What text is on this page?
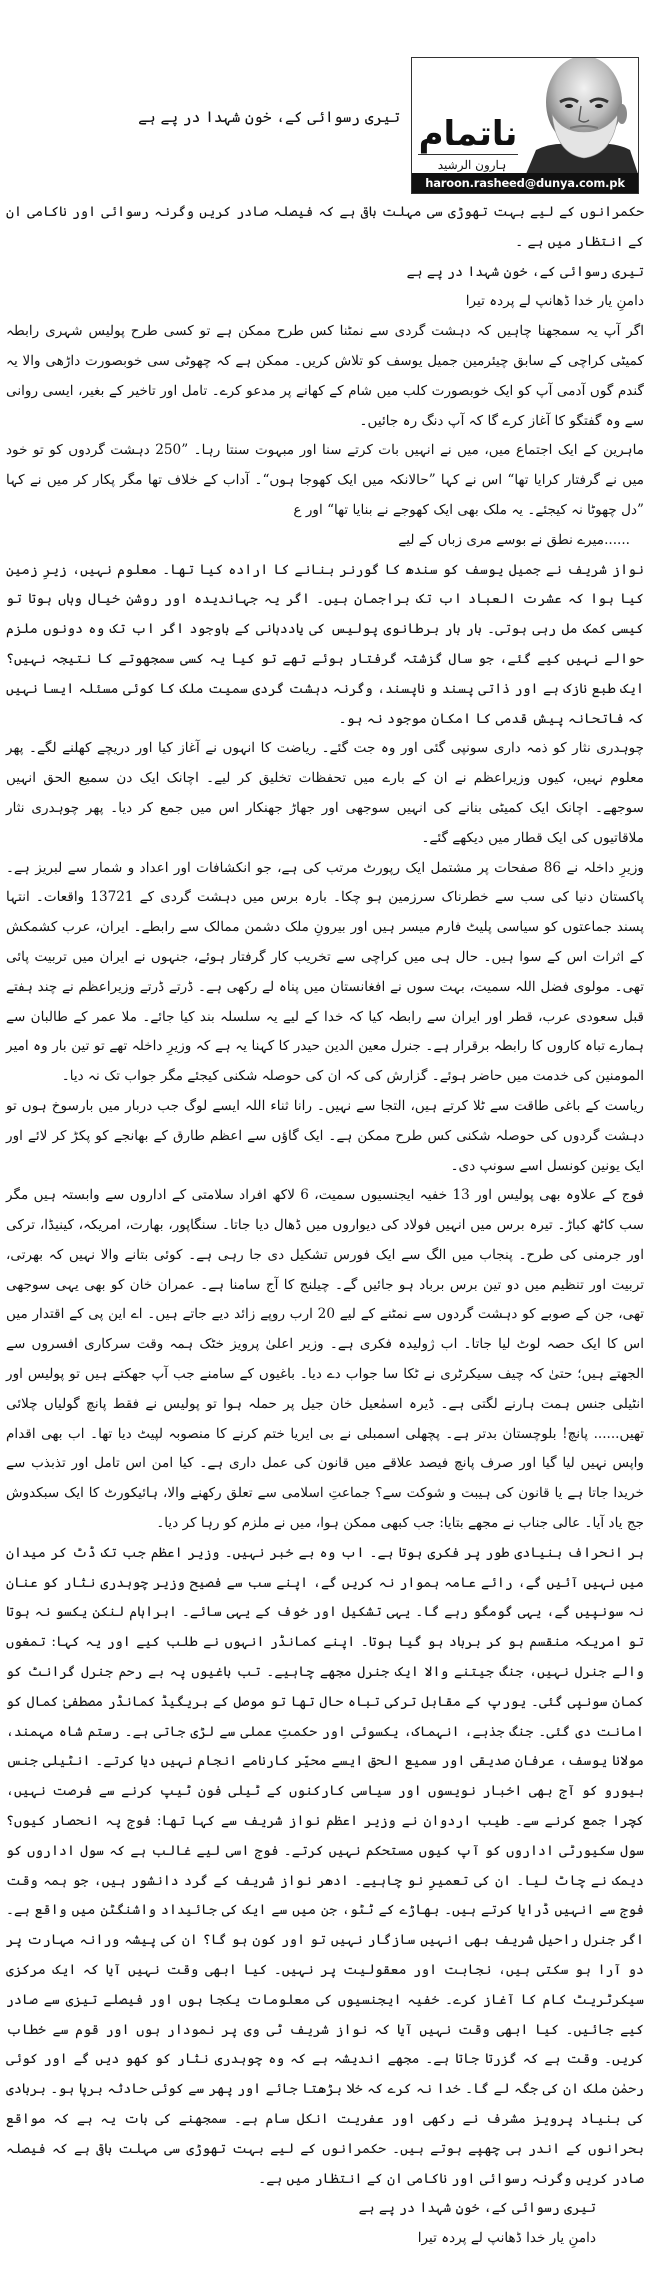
تیری رسوائی کے، خونِ شہدا در پے ہے ناتمام
ہارون الرشید
haroon.rasheed@dunya.com.pk

حکمرانوں کے لیے بہت تھوڑی سی مہلت باقی ہے کہ فیصلہ صادر کریں وگرنہ رسوائی اور ناکامی ان کے انتظار میں ہے ۔

تیری رسوائی کے، خونِ شہدا در پے ہے

دامنِ یار خدا ڈھانپ لے پردہ تیرا

اگر آپ یہ سمجھنا چاہیں کہ دہشت گردی سے نمٹنا کس طرح ممکن ہے تو کسی طرح پولیس شہری رابطہ کمیٹی کراچی کے سابق چیئرمین جمیل یوسف کو تلاش کریں۔ ممکن ہے کہ چھوٹی سی خوبصورت داڑھی والا یہ گندم گوں آدمی آپ کو ایک خوبصورت کلب میں شام کے کھانے پر مدعو کرے۔ تامل اور تاخیر کے بغیر، ایسی روانی سے وہ گفتگو کا آغاز کرے گا کہ آپ دنگ رہ جائیں۔

ماہرین کے ایک اجتماع میں، میں نے انہیں بات کرتے سنا اور مبہوت سنتا رہا۔ ”250 دہشت گردوں کو تو خود میں نے گرفتار کرایا تھا“ اس نے کہا ”حالانکہ میں ایک کھوجا ہوں“۔ آداب کے خلاف تھا مگر پکار کر میں نے کہا ”دل چھوٹا نہ کیجئے۔ یہ ملک بھی ایک کھوجے نے بنایا تھا“ اور ع

......میرے نطق نے بوسے مری زباں کے لیے

نواز شریف نے جمیل یوسف کو سندھ کا گورنر بنانے کا ارادہ کیا تھا۔ معلوم نہیں، زیرِ زمین کیا ہوا کہ عشرت العباد اب تک براجمان ہیں۔ اگر یہ جہاندیدہ اور روشن خیال وہاں ہوتا تو کیسی کمک مل رہی ہوتی۔ بار بار برطانوی پولیس کی یاددہانی کے باوجود اگر اب تک وہ دونوں ملزم حوالے نہیں کیے گئے، جو سال گزشتہ گرفتار ہوئے تھے تو کیا یہ کسی سمجھوتے کا نتیجہ نہیں؟ ایک طبع نازک ہے اور ذاتی پسند و ناپسند، وگرنہ دہشت گردی سمیت ملک کا کوئی مسئلہ ایسا نہیں کہ فاتحانہ پیش قدمی کا امکان موجود نہ ہو۔

چوہدری نثار کو ذمہ داری سونپی گئی اور وہ جت گئے۔ ریاضت کا انہوں نے آغاز کیا اور دریچے کھلنے لگے۔ پھر معلوم نہیں، کیوں وزیراعظم نے ان کے بارے میں تحفظات تخلیق کر لیے۔ اچانک ایک دن سمیع الحق انہیں سوجھے۔ اچانک ایک کمیٹی بنانے کی انہیں سوجھی اور جھاڑ جھنکار اس میں جمع کر دیا۔ پھر چوہدری نثار ملاقاتیوں کی ایک قطار میں دیکھے گئے۔

وزیرِ داخلہ نے 86 صفحات پر مشتمل ایک رپورٹ مرتب کی ہے، جو انکشافات اور اعداد و شمار سے لبریز ہے۔ پاکستان دنیا کی سب سے خطرناک سرزمین ہو چکا۔ بارہ برس میں دہشت گردی کے 13721 واقعات۔ انتہا پسند جماعتوں کو سیاسی پلیٹ فارم میسر ہیں اور بیرونِ ملک دشمن ممالک سے رابطے۔ ایران، عرب کشمکش کے اثرات اس کے سوا ہیں۔ حال ہی میں کراچی سے تخریب کار گرفتار ہوئے، جنہوں نے ایران میں تربیت پائی تھی۔ مولوی فضل اللہ سمیت، بہت سوں نے افغانستان میں پناہ لے رکھی ہے۔ ڈرتے ڈرتے وزیراعظم نے چند ہفتے قبل سعودی عرب، قطر اور ایران سے رابطہ کیا کہ خدا کے لیے یہ سلسلہ بند کیا جائے۔ ملا عمر کے طالبان سے ہمارے تباہ کاروں کا رابطہ برقرار ہے۔ جنرل معین الدین حیدر کا کہنا یہ ہے کہ وزیرِ داخلہ تھے تو تین بار وہ امیر المومنین کی خدمت میں حاضر ہوئے۔ گزارش کی کہ ان کی حوصلہ شکنی کیجئے مگر جواب تک نہ دیا۔

ریاست کے باغی طاقت سے ٹلا کرتے ہیں، التجا سے نہیں۔ رانا ثناء اللہ ایسے لوگ جب دربار میں بارسوخ ہوں تو دہشت گردوں کی حوصلہ شکنی کس طرح ممکن ہے۔ ایک گاؤں سے اعظم طارق کے بھانجے کو پکڑ کر لائے اور ایک یونین کونسل اسے سونپ دی۔

فوج کے علاوہ بھی پولیس اور 13 خفیہ ایجنسیوں سمیت، 6 لاکھ افراد سلامتی کے اداروں سے وابستہ ہیں مگر سب کاٹھ کباڑ۔ تیرہ برس میں انہیں فولاد کی دیواروں میں ڈھال دیا جاتا۔ سنگاپور، بھارت، امریکہ، کینیڈا، ترکی اور جرمنی کی طرح۔ پنجاب میں الگ سے ایک فورس تشکیل دی جا رہی ہے۔ کوئی بتانے والا نہیں کہ بھرتی، تربیت اور تنظیم میں دو تین برس برباد ہو جائیں گے۔ چیلنج کا آج سامنا ہے۔ عمران خان کو بھی یہی سوجھی تھی، جن کے صوبے کو دہشت گردوں سے نمٹنے کے لیے 20 ارب روپے زائد دیے جاتے ہیں۔ اے این پی کے اقتدار میں اس کا ایک حصہ لوٹ لیا جاتا۔ اب ژولیدہ فکری ہے۔ وزیر اعلیٰ پرویز خٹک ہمہ وقت سرکاری افسروں سے الجھتے ہیں؛ حتیٰ کہ چیف سیکرٹری نے ٹکا سا جواب دے دیا۔ باغیوں کے سامنے جب آپ جھکتے ہیں تو پولیس اور انٹیلی جنس ہمت ہارنے لگتی ہے۔ ڈیرہ اسمٰعیل خان جیل پر حملہ ہوا تو پولیس نے فقط پانچ گولیاں چلائی تھیں...... پانچ! بلوچستان بدتر ہے۔ پچھلی اسمبلی نے بی ایریا ختم کرنے کا منصوبہ لپیٹ دیا تھا۔ اب بھی اقدام واپس نہیں لیا گیا اور صرف پانچ فیصد علاقے میں قانون کی عمل داری ہے۔ کیا امن اس تامل اور تذبذب سے خریدا جاتا ہے یا قانون کی ہیبت و شوکت سے؟ جماعتِ اسلامی سے تعلق رکھنے والا، ہائیکورٹ کا ایک سبکدوش جج یاد آیا۔ عالی جناب نے مجھے بتایا: جب کبھی ممکن ہوا، میں نے ملزم کو رہا کر دیا۔

ہر انحراف بنیادی طور پر فکری ہوتا ہے۔ اب وہ بے خبر نہیں۔ وزیر اعظم جب تک ڈٹ کر میدان میں نہیں آئیں گے، رائے عامہ ہموار نہ کریں گے، اپنے سب سے فصیح وزیر چوہدری نثار کو عنان نہ سونپیں گے، یہی گومگو رہے گا۔ یہی تشکیل اور خوف کے یہی سائے۔ ابراہام لنکن یکسو نہ ہوتا تو امریکہ منقسم ہو کر برباد ہو گیا ہوتا۔ اپنے کمانڈر انہوں نے طلب کیے اور یہ کہا: تمغوں والے جنرل نہیں، جنگ جیتنے والا ایک جنرل مجھے چاہیے۔ تب باغیوں پہ بے رحم جنرل گرانٹ کو کمان سونپی گئی۔ یورپ کے مقابل ترکی تباہ حال تھا تو موصل کے بریگیڈ کمانڈر مصطفیٰ کمال کو امانت دی گئی۔ جنگ جذبے، انہماک، یکسوئی اور حکمتِ عملی سے لڑی جاتی ہے۔ رستم شاہ مہمند، مولانا یوسف، عرفان صدیقی اور سمیع الحق ایسے محیّر کارنامے انجام نہیں دیا کرتے۔ انٹیلی جنس بیورو کو آج بھی اخبار نویسوں اور سیاسی کارکنوں کے ٹیلی فون ٹیپ کرنے سے فرصت نہیں، کچرا جمع کرنے سے۔ طیب اردوان نے وزیر اعظم نواز شریف سے کہا تھا: فوج پہ انحصار کیوں؟ سول سکیورٹی اداروں کو آپ کیوں مستحکم نہیں کرتے۔ فوج اسی لیے غالب ہے کہ سول اداروں کو دیمک نے چاٹ لیا۔ ان کی تعمیرِ نو چاہیے۔ ادھر نواز شریف کے گرد دانشور ہیں، جو ہمہ وقت فوج سے انہیں ڈرایا کرتے ہیں۔ بھاڑے کے ٹٹو، جن میں سے ایک کی جائیداد واشنگٹن میں واقع ہے۔ اگر جنرل راحیل شریف بھی انہیں سازگار نہیں تو اور کون ہو گا؟ ان کی پیشہ ورانہ مہارت پر دو آرا ہو سکتی ہیں، نجابت اور معقولیت پر نہیں۔ کیا ابھی وقت نہیں آیا کہ ایک مرکزی سیکرٹریٹ کام کا آغاز کرے۔ خفیہ ایجنسیوں کی معلومات یکجا ہوں اور فیصلے تیزی سے صادر کیے جائیں۔ کیا ابھی وقت نہیں آیا کہ نواز شریف ٹی وی پر نمودار ہوں اور قوم سے خطاب کریں۔ وقت ہے کہ گزرتا جاتا ہے۔ مجھے اندیشہ ہے کہ وہ چوہدری نثار کو کھو دیں گے اور کوئی رحمٰن ملک ان کی جگہ لے گا۔ خدا نہ کرے کہ خلا بڑھتا جائے اور پھر سے کوئی حادثہ برپا ہو۔ بربادی کی بنیاد پرویز مشرف نے رکھی اور عفریت انکل سام ہے۔ سمجھنے کی بات یہ ہے کہ مواقع بحرانوں کے اندر ہی چھپے ہوتے ہیں۔ حکمرانوں کے لیے بہت تھوڑی سی مہلت باقی ہے کہ فیصلہ صادر کریں وگرنہ رسوائی اور ناکامی ان کے انتظار میں ہے۔

تیری رسوائی کے، خونِ شہدا در پے ہے

دامنِ یار خدا ڈھانپ لے پردہ تیرا
